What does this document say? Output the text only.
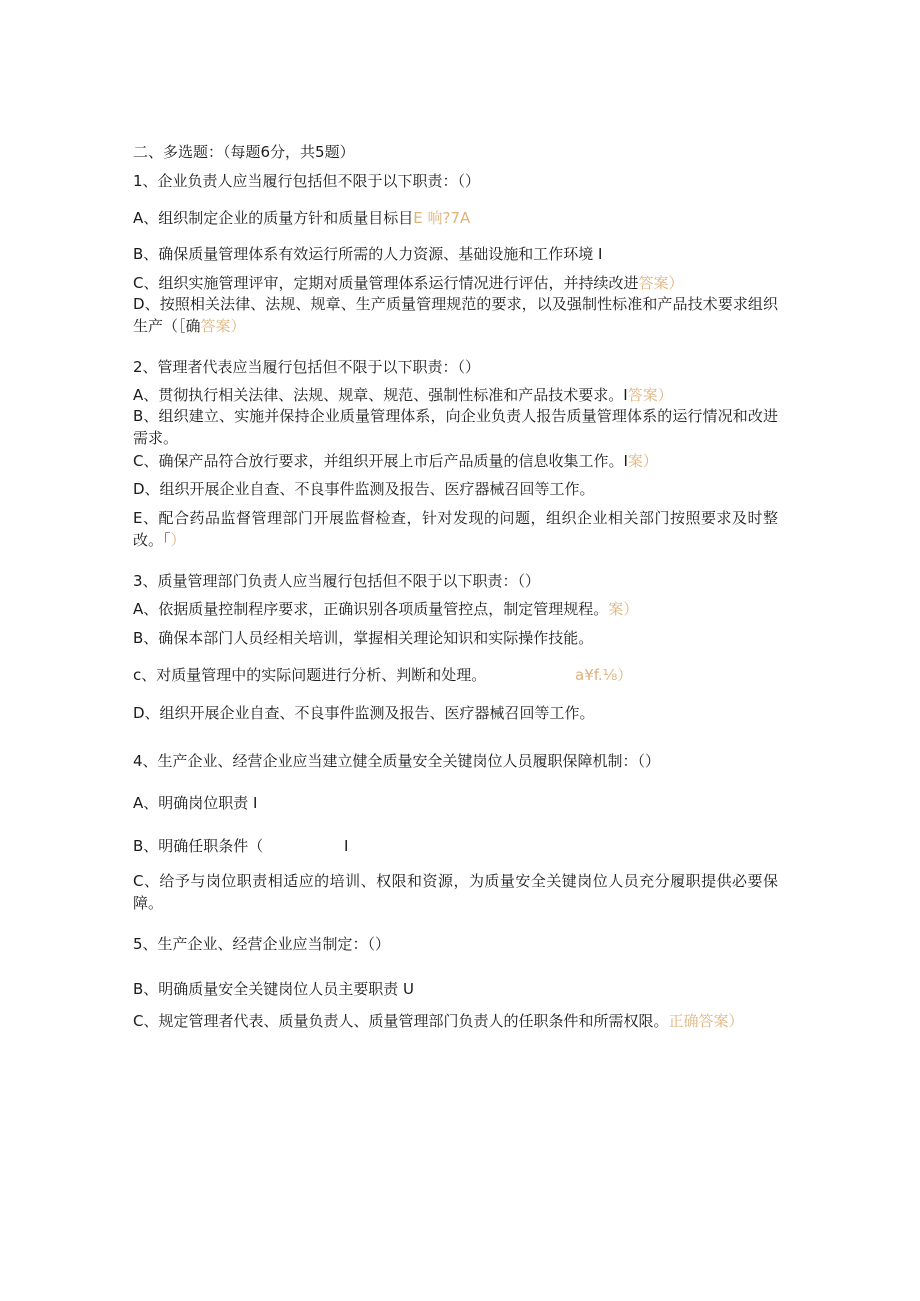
二、多选题：（每题6分，共5题）
1、企业负责人应当履行包括但不限于以下职责：（）
A、组织制定企业的质量方针和质量目标目E 响?7A
B、确保质量管理体系有效运行所需的人力资源、基础设施和工作环境 I
C、组织实施管理评审，定期对质量管理体系运行情况进行评估，并持续改进答案）
D、按照相关法律、法规、规章、生产质量管理规范的要求，以及强制性标准和产品技术要求组织生产（［确答案）
2、管理者代表应当履行包括但不限于以下职责：（）
A、贯彻执行相关法律、法规、规章、规范、强制性标准和产品技术要求。I答案）
B、组织建立、实施并保持企业质量管理体系，向企业负责人报告质量管理体系的运行情况和改进需求。
C、确保产品符合放行要求，并组织开展上市后产品质量的信息收集工作。I案）
D、组织开展企业自查、不良事件监测及报告、医疗器械召回等工作。
E、配合药品监督管理部门开展监督检查，针对发现的问题，组织企业相关部门按照要求及时整改。「）
3、质量管理部门负责人应当履行包括但不限于以下职责：（）
A、依据质量控制程序要求，正确识别各项质量管控点，制定管理规程。案）
B、确保本部门人员经相关培训，掌握相关理论知识和实际操作技能。
c、对质量管理中的实际问题进行分析、判断和处理。	a¥f.⅛）
D、组织开展企业自查、不良事件监测及报告、医疗器械召回等工作。
4、生产企业、经营企业应当建立健全质量安全关键岗位人员履职保障机制：（）
A、明确岗位职责 I
B、明确任职条件（	I
C、给予与岗位职责相适应的培训、权限和资源，为质量安全关键岗位人员充分履职提供必要保障。
5、生产企业、经营企业应当制定：（）
B、明确质量安全关键岗位人员主要职责 U
C、规定管理者代表、质量负责人、质量管理部门负责人的任职条件和所需权限。正确答案）
